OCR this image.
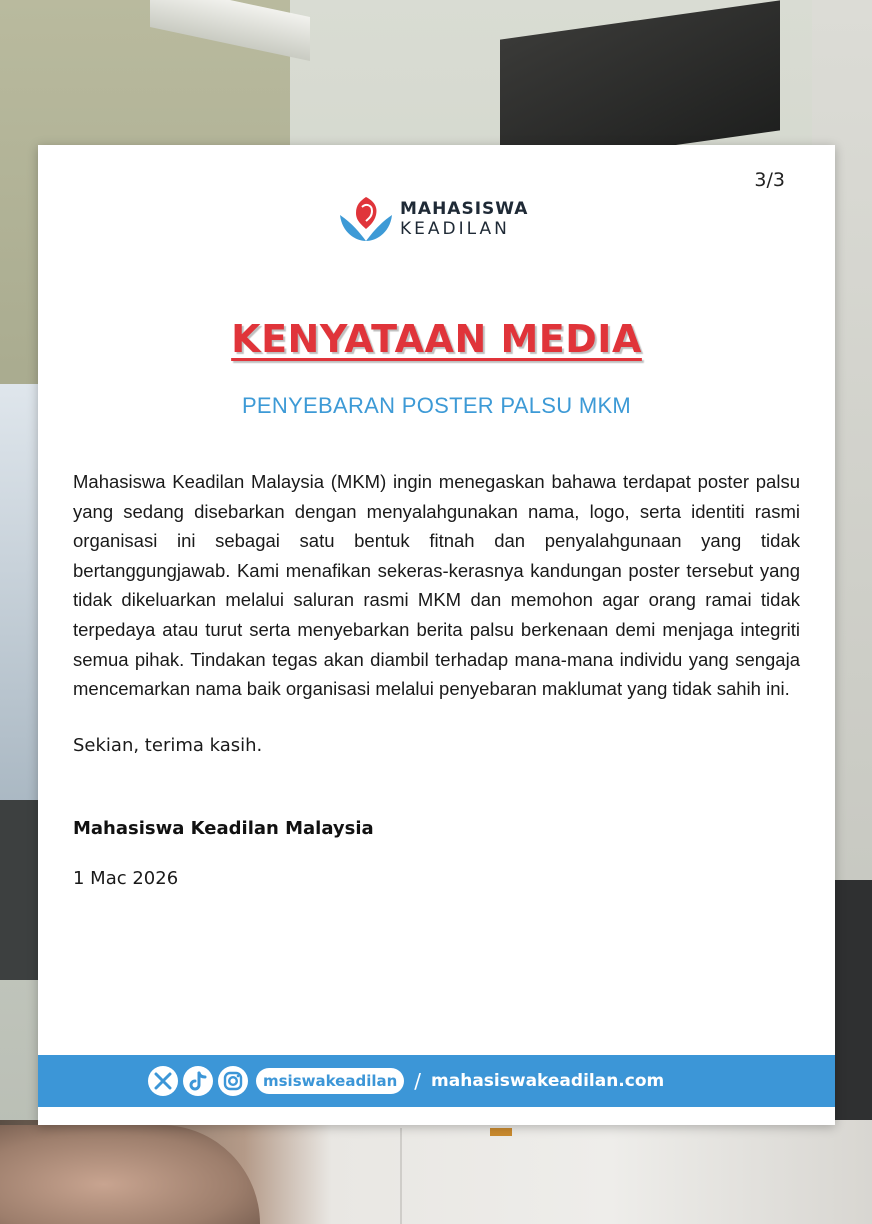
3/3
MAHASISWA
KEADILAN
KENYATAAN MEDIA
PENYEBARAN POSTER PALSU MKM
Mahasiswa Keadilan Malaysia (MKM) ingin menegaskan bahawa terdapat poster palsu yang sedang disebarkan dengan menyalahgunakan nama, logo, serta identiti rasmi organisasi ini sebagai satu bentuk fitnah dan penyalahgunaan yang tidak bertanggungjawab. Kami menafikan sekeras-kerasnya kandungan poster tersebut yang tidak dikeluarkan melalui saluran rasmi MKM dan memohon agar orang ramai tidak terpedaya atau turut serta menyebarkan berita palsu berkenaan demi menjaga integriti semua pihak. Tindakan tegas akan diambil terhadap mana-mana individu yang sengaja mencemarkan nama baik organisasi melalui penyebaran maklumat yang tidak sahih ini.
Sekian, terima kasih.
Mahasiswa Keadilan Malaysia
1 Mac 2026
msiswakeadilan / mahasiswakeadilan.com
